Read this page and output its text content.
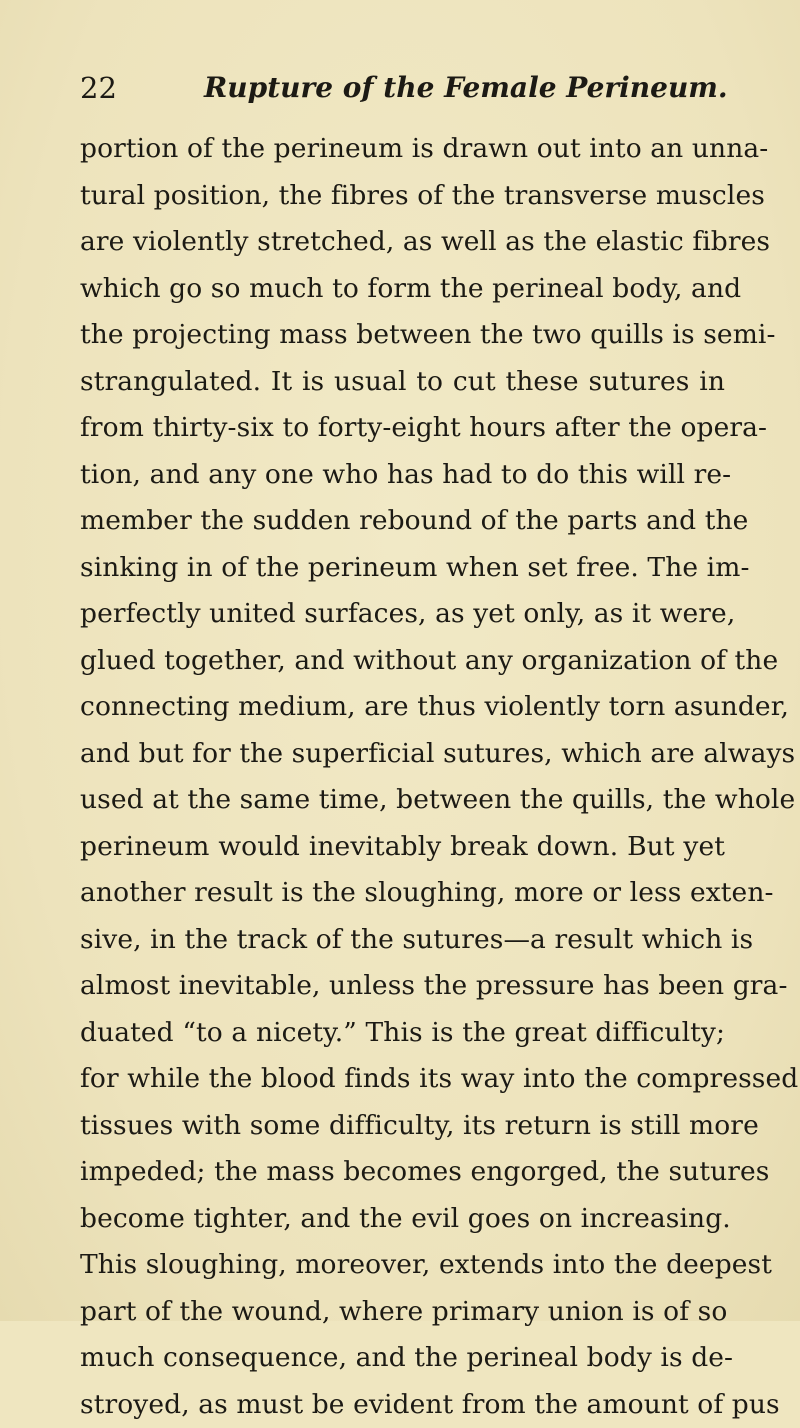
22	Rupture of the Female Perineum.
portion of the perineum is drawn out into an unna-
tural position, the fibres of the transverse muscles
are violently stretched, as well as the elastic fibres
which go so much to form the perineal body, and
the projecting mass between the two quills is semi-
strangulated. It is usual to cut these sutures in
from thirty-six to forty-eight hours after the opera-
tion, and any one who has had to do this will re-
member the sudden rebound of the parts and the
sinking in of the perineum when set free. The im-
perfectly united surfaces, as yet only, as it were,
glued together, and without any organization of the
connecting medium, are thus violently torn asunder,
and but for the superficial sutures, which are always
used at the same time, between the quills, the whole
perineum would inevitably break down. But yet
another result is the sloughing, more or less exten-
sive, in the track of the sutures—a result which is
almost inevitable, unless the pressure has been gra-
duated “to a nicety.” This is the great difficulty;
for while the blood finds its way into the compressed
tissues with some difficulty, its return is still more
impeded; the mass becomes engorged, the sutures
become tighter, and the evil goes on increasing.
This sloughing, moreover, extends into the deepest
part of the wound, where primary union is of so
much consequence, and the perineal body is de-
stroyed, as must be evident from the amount of pus
